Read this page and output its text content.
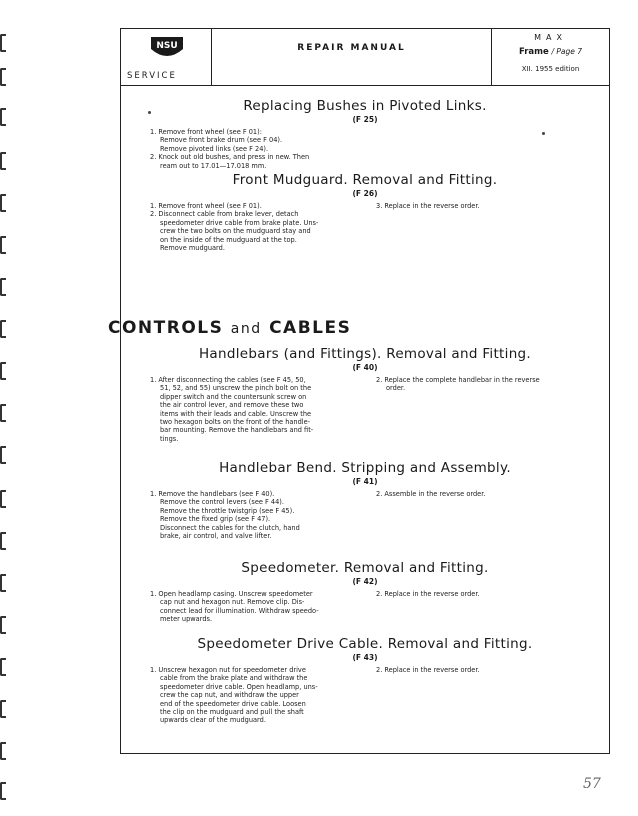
NSU
SERVICE
REPAIR MANUAL
MAX
Frame / Page 7
XII. 1955 edition
Replacing Bushes in Pivoted Links.
(F 25)
1. Remove front wheel (see F 01):
Remove front brake drum (see F 04).
Remove pivoted links (see F 24).
2. Knock out old bushes, and press in new. Then
ream out to 17.01—17.018 mm.
Front Mudguard. Removal and Fitting.
(F 26)
1. Remove front wheel (see F 01).
2. Disconnect cable from brake lever, detach
speedometer drive cable from brake plate. Uns-
crew the two bolts on the mudguard stay and
on the inside of the mudguard at the top.
Remove mudguard.
3. Replace in the reverse order.
Handlebars (and Fittings). Removal and Fitting.
(F 40)
1. After disconnecting the cables (see F 45, 50,
51, 52, and 55) unscrew the pinch bolt on the
dipper switch and the countersunk screw on
the air control lever, and remove these two
items with their leads and cable. Unscrew the
two hexagon bolts on the front of the handle-
bar mounting. Remove the handlebars and fit-
tings.
2. Replace the complete handlebar in the reverse
order.
Handlebar Bend. Stripping and Assembly.
(F 41)
1. Remove the handlebars (see F 40).
Remove the control levers (see F 44).
Remove the throttle twistgrip (see F 45).
Remove the fixed grip (see F 47).
Disconnect the cables for the clutch, hand
brake, air control, and valve lifter.
2. Assemble in the reverse order.
Speedometer. Removal and Fitting.
(F 42)
1. Open headlamp casing. Unscrew speedometer
cap nut and hexagon nut. Remove clip. Dis-
connect lead for illumination. Withdraw speedo-
meter upwards.
2. Replace in the reverse order.
Speedometer Drive Cable. Removal and Fitting.
(F 43)
1. Unscrew hexagon nut for speedometer drive
cable from the brake plate and withdraw the
speedometer drive cable. Open headlamp, uns-
crew the cap nut, and withdraw the upper
end of the speedometer drive cable. Loosen
the clip on the mudguard and pull the shaft
upwards clear of the mudguard.
2. Replace in the reverse order.
CONTROLS and CABLES
57
